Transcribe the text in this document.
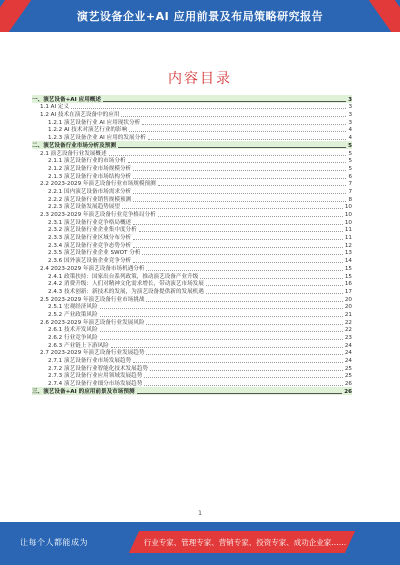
演艺设备企业+AI 应用前景及布局策略研究报告
内容目录
一、演艺设备+AI 应用概述	3
1.1 AI 定义	3
1.2 AI 技术在演艺设备中的应用	3
1.2.1 演艺设备行业 AI 应用现状分析	3
1.2.2 AI 技术对演艺行业的影响	4
1.2.3 演艺设备企业 AI 应用的发展分析	4
二、演艺设备行业市场分析及预测	5
2.1 演艺设备行业发展概述	5
2.1.1 演艺设备行业的市场分析	5
2.1.2 演艺设备行业市场规模分析	5
2.1.3 演艺设备行业市场结构分析	6
2.2 2023-2029 年演艺设备行业市场规模预测	7
2.2.1 国内演艺设备市场需求分析	7
2.2.2 演艺设备行业销售规模预测	8
2.2.3 演艺设备发展趋势展望	10
2.3 2023-2029 年演艺设备行业竞争格局分析	10
2.3.1 演艺设备行业竞争格局概述	10
2.3.2 演艺设备行业企业集中度分析	11
2.3.3 演艺设备行业区域分布分析	11
2.3.4 演艺设备行业竞争态势分析	12
2.3.5 演艺设备行业企业 SWOT 分析	13
2.3.6 国外演艺设备企业竞争分析	14
2.4 2023-2029 年演艺设备市场机遇分析	15
2.4.1 政策扶持：国家出台系列政策，推动演艺设备产业升级	15
2.4.2 消费升级：人们对精神文化需求增长，带动演艺市场发展	16
2.4.3 技术创新：新技术的发展，为演艺设备提供新的发展机遇	17
2.5 2023-2029 年演艺设备行业市场挑战	20
2.5.1 宏观经济风险	20
2.5.2 产业政策风险	21
2.6 2023-2029 年演艺设备行业发展风险	22
2.6.1 技术开发风险	22
2.6.2 行业竞争风险	23
2.6.3 产业链上下游风险	24
2.7 2023-2029 年演艺设备行业发展趋势	24
2.7.1 演艺设备行业市场发展趋势	24
2.7.2 演艺设备行业智能化技术发展趋势	25
2.7.3 演艺设备行业应用领域发展趋势	25
2.7.4 演艺设备行业细分市场发展趋势	26
三、演艺设备+AI 的应用前景及市场预测	26
1
让每个人都能成为	行业专家、管理专家、营销专家、投资专家、成功企业家……
